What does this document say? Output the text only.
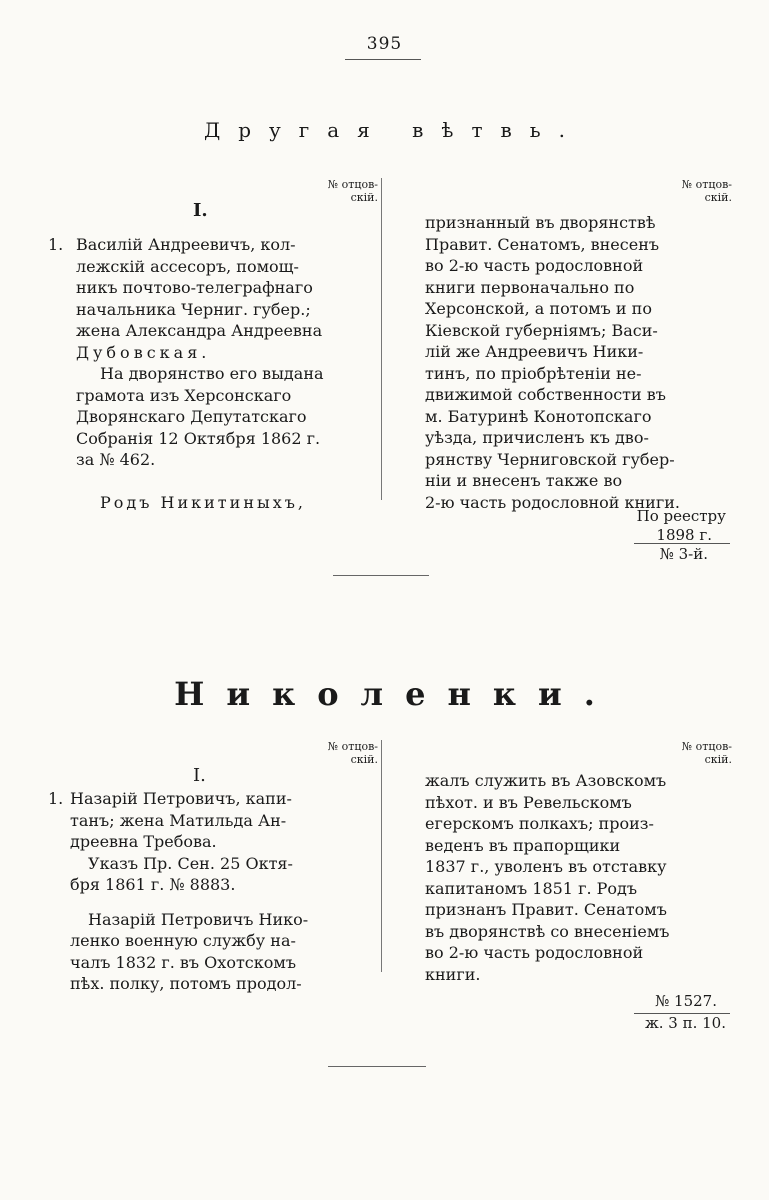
395
Другая вѣтвь.
№ отцов-
скій.
№ отцов-
скій.
I.
1. Василій Андреевичъ, кол-
лежскій ассесоръ, помощ-
никъ почтово-телеграфнаго
начальника Черниг. губер.;
жена Александра Андреевна
Дубовская.
На дворянство его выдана
грамота изъ Херсонскаго
Дворянскаго Депутатскаго
Собранія 12 Октября 1862 г.
за № 462.
Родъ Никитиныхъ,
признанный въ дворянствѣ
Правит. Сенатомъ, внесенъ
во 2-ю часть родословной
книги первоначально по
Херсонской, а потомъ и по
Кіевской губерніямъ; Васи-
лій же Андреевичъ Ники-
тинъ, по пріобрѣтеніи не-
движимой собственности въ
м. Батуринѣ Конотопскаго
уѣзда, причисленъ къ дво-
рянству Черниговской губер-
ніи и внесенъ также во
2-ю часть родословной книги.
По реестру
1898 г.
№ 3-й.
Николенки.
№ отцов-
скій.
№ отцов-
скій.
I.
1. Назарій Петровичъ, капи-
танъ; жена Матильда Ан-
дреевна Требова.
Указъ Пр. Сен. 25 Октя-
бря 1861 г. № 8883.
Назарій Петровичъ Нико-
ленко военную службу на-
чалъ 1832 г. въ Охотскомъ
пѣх. полку, потомъ продол-
жалъ служить въ Азовскомъ
пѣхот. и въ Ревельскомъ
егерскомъ полкахъ; произ-
веденъ въ прапорщики
1837 г., уволенъ въ отставку
капитаномъ 1851 г. Родъ
признанъ Правит. Сенатомъ
въ дворянствѣ со внесеніемъ
во 2-ю часть родословной
книги.
№ 1527.
ж. 3 п. 10.
